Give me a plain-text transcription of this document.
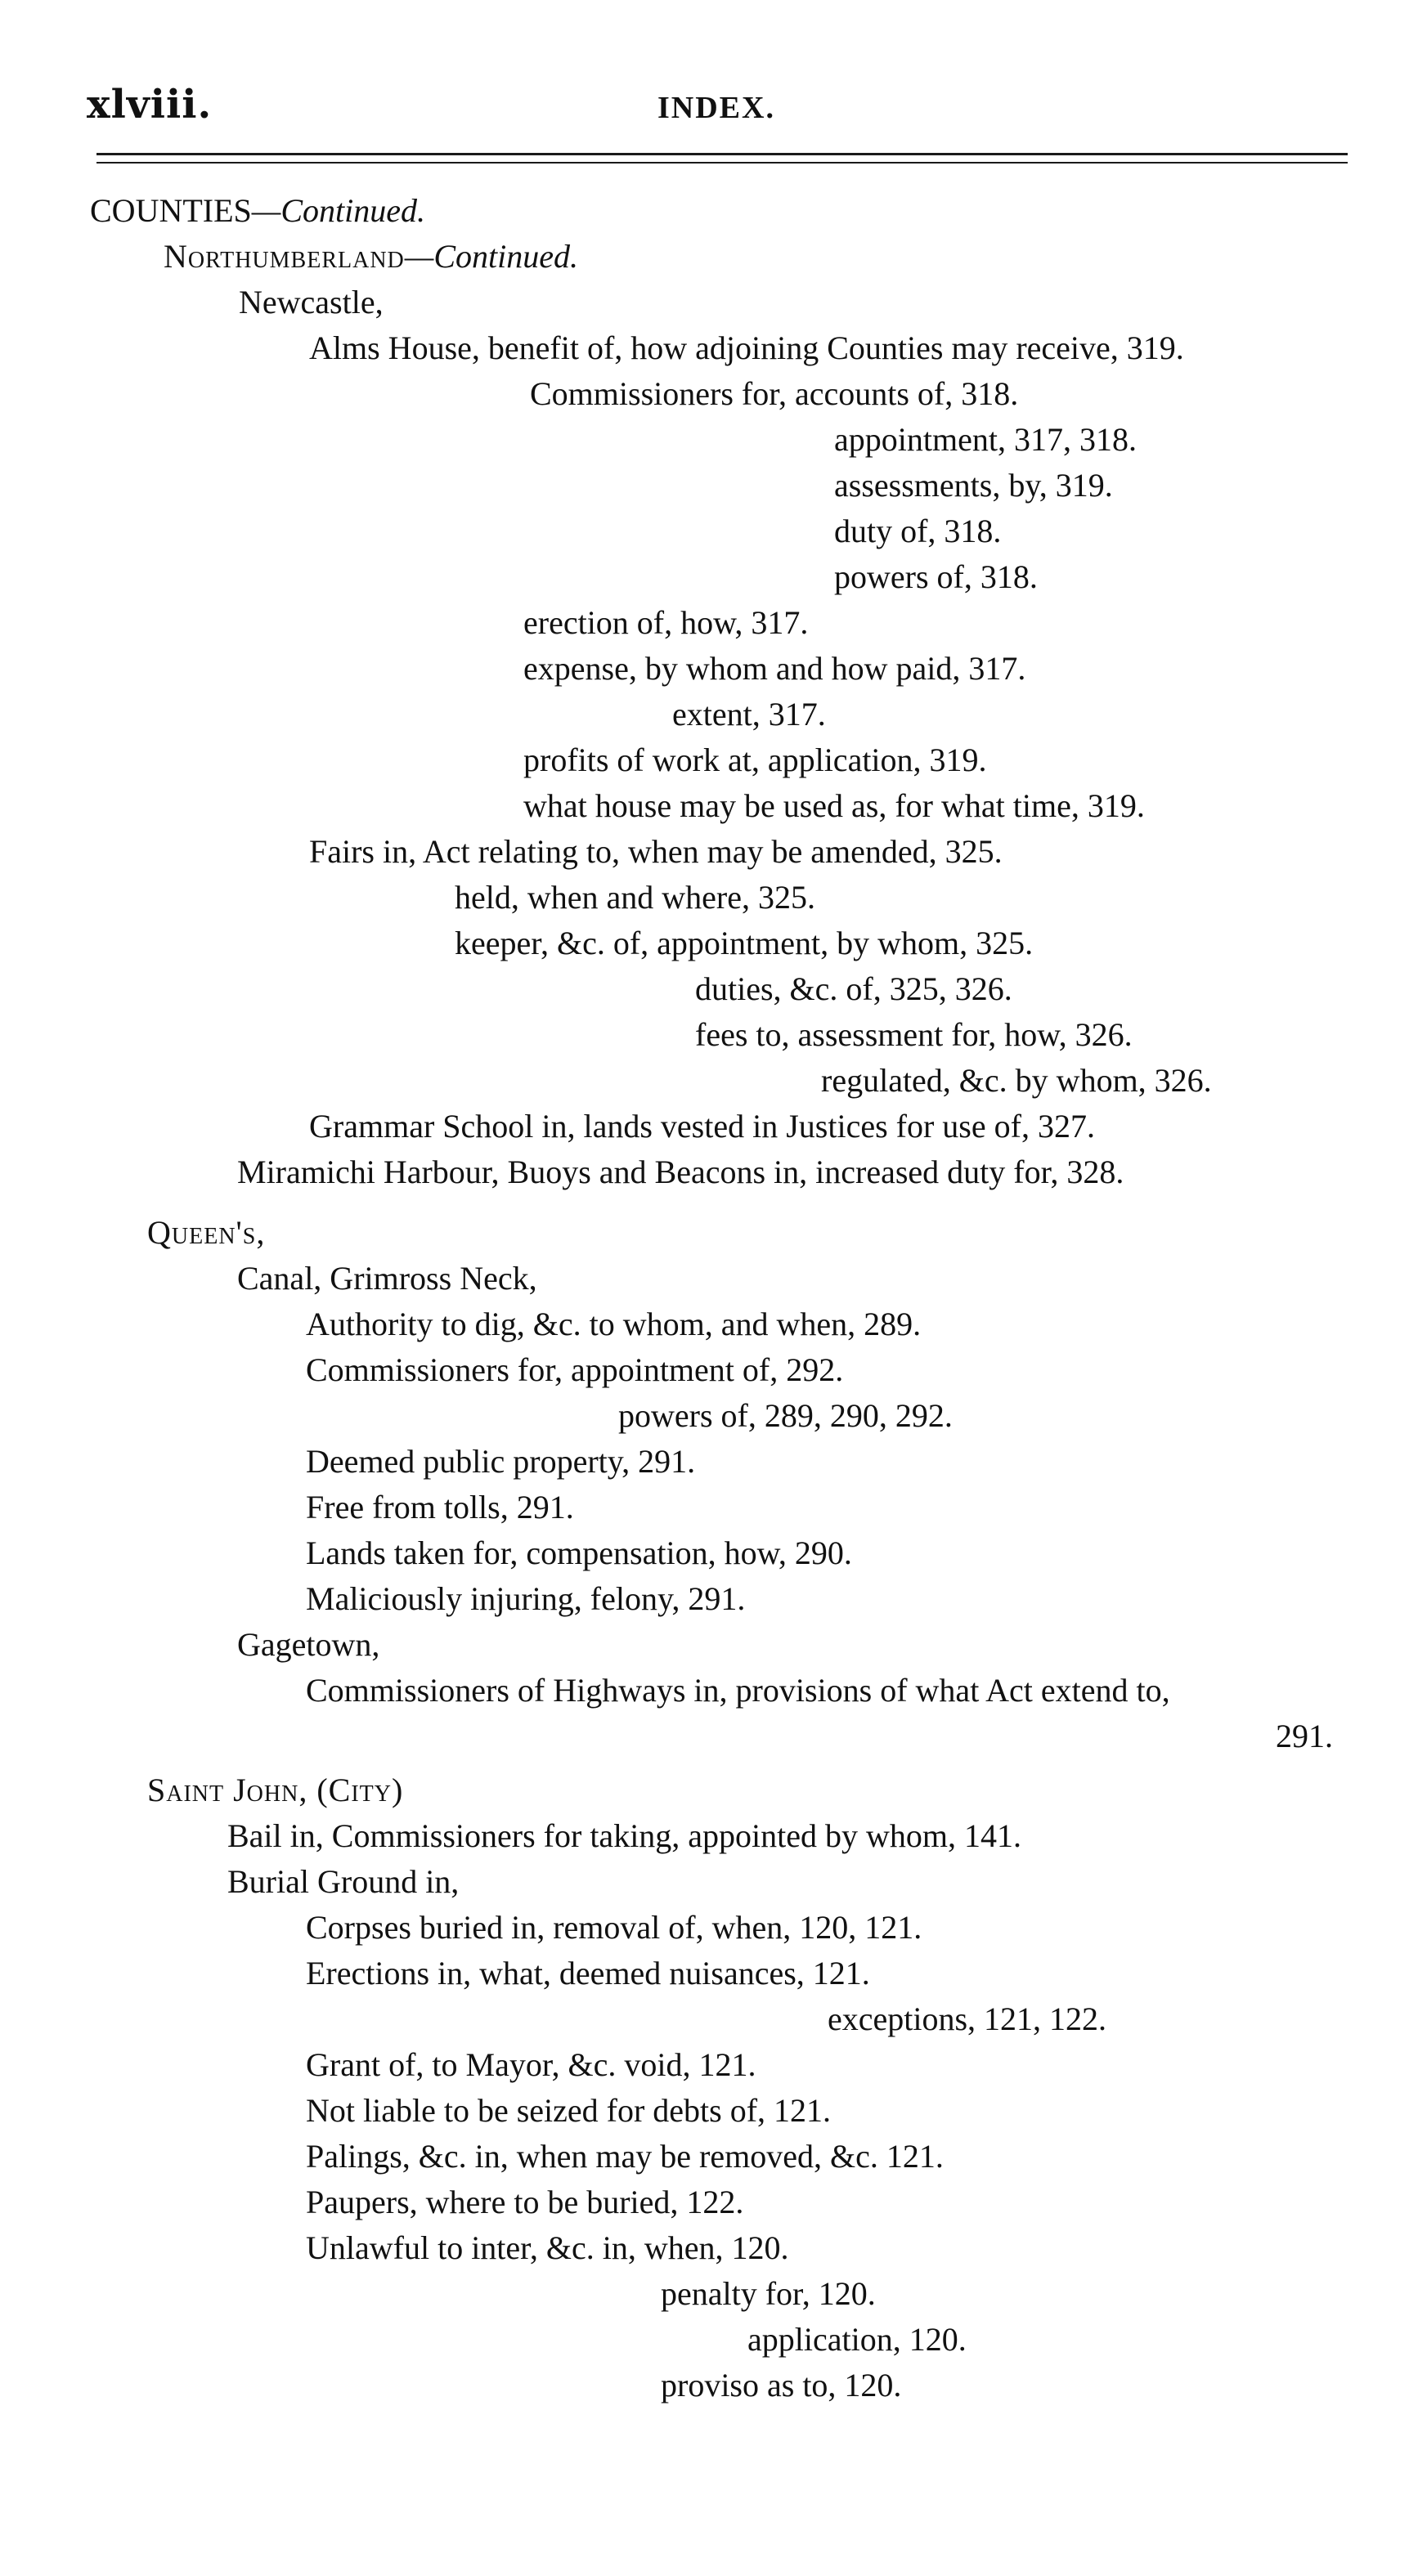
xlviii.	INDEX.
COUNTIES—Continued.
Northumberland—Continued.
Newcastle,
Alms House, benefit of, how adjoining Counties may receive, 319.
Commissioners for, accounts of, 318.
appointment, 317, 318.
assessments, by, 319.
duty of, 318.
powers of, 318.
erection of, how, 317.
expense, by whom and how paid, 317.
extent, 317.
profits of work at, application, 319.
what house may be used as, for what time, 319.
Fairs in, Act relating to, when may be amended, 325.
held, when and where, 325.
keeper, &c. of, appointment, by whom, 325.
duties, &c. of, 325, 326.
fees to, assessment for, how, 326.
regulated, &c. by whom, 326.
Grammar School in, lands vested in Justices for use of, 327.
Miramichi Harbour, Buoys and Beacons in, increased duty for, 328.
Queen's,
Canal, Grimross Neck,
Authority to dig, &c. to whom, and when, 289.
Commissioners for, appointment of, 292.
powers of, 289, 290, 292.
Deemed public property, 291.
Free from tolls, 291.
Lands taken for, compensation, how, 290.
Maliciously injuring, felony, 291.
Gagetown,
Commissioners of Highways in, provisions of what Act extend to,
291.
Saint John, (City)
Bail in, Commissioners for taking, appointed by whom, 141.
Burial Ground in,
Corpses buried in, removal of, when, 120, 121.
Erections in, what, deemed nuisances, 121.
exceptions, 121, 122.
Grant of, to Mayor, &c. void, 121.
Not liable to be seized for debts of, 121.
Palings, &c. in, when may be removed, &c. 121.
Paupers, where to be buried, 122.
Unlawful to inter, &c. in, when, 120.
penalty for, 120.
application, 120.
proviso as to, 120.
